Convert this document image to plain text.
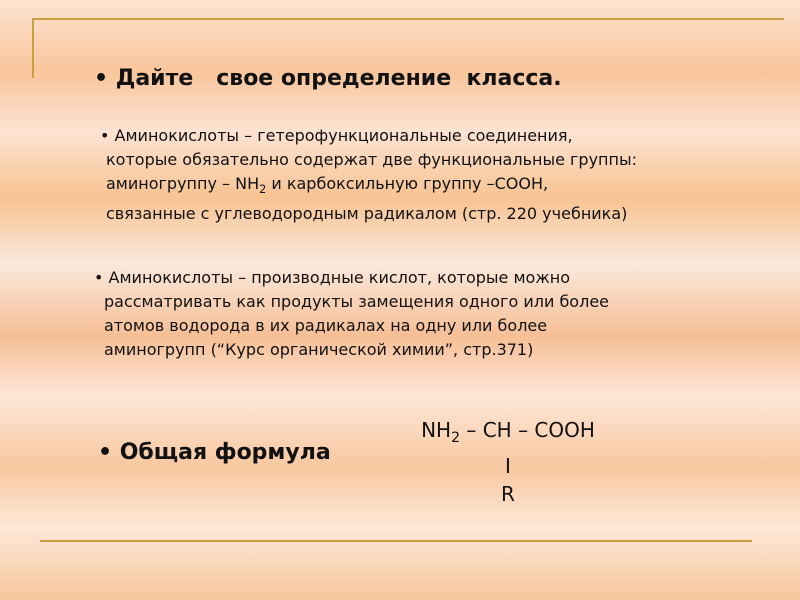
• Дайте   свое определение  класса.
• Аминокислоты – гетерофункциональные соединения,
которые обязательно содержат две функциональные группы:
аминогруппу – $NH_2$ и карбоксильную группу –СООН,
связанные с углеводородным радикалом (стр. 220 учебника)
• Аминокислоты – производные кислот, которые можно
рассматривать как продукты замещения одного или более
атомов водорода в их радикалах на одну или более
аминогрупп (“Курс органической химии”, стр.371)
• Общая формула
$NH_2$ – CH – COOH
I
R
